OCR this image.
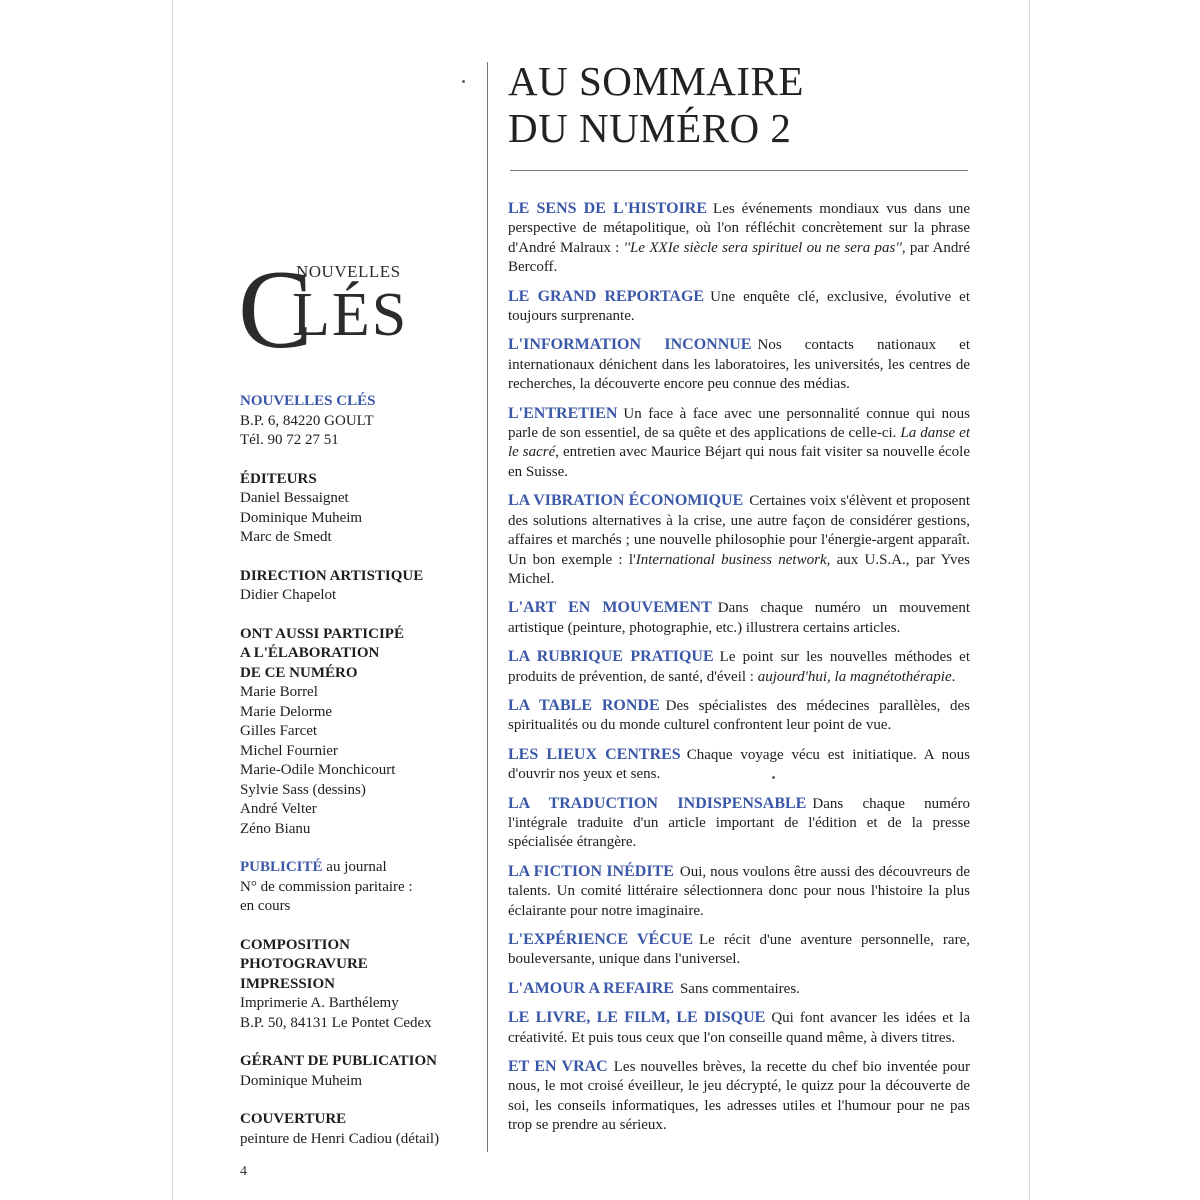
AU SOMMAIRE
DU NUMÉRO 2
NOUVELLES
C
LÉS
NOUVELLES CLÉS
B.P. 6, 84220 GOULT
Tél. 90 72 27 51
ÉDITEURS
Daniel Bessaignet
Dominique Muheim
Marc de Smedt
DIRECTION ARTISTIQUE
Didier Chapelot
ONT AUSSI PARTICIPÉ
A L'ÉLABORATION
DE CE NUMÉRO
Marie Borrel
Marie Delorme
Gilles Farcet
Michel Fournier
Marie-Odile Monchicourt
Sylvie Sass (dessins)
André Velter
Zéno Bianu
PUBLICITÉ au journal
N° de commission paritaire :
en cours
COMPOSITION
PHOTOGRAVURE
IMPRESSION
Imprimerie A. Barthélemy
B.P. 50, 84131 Le Pontet Cedex
GÉRANT DE PUBLICATION
Dominique Muheim
COUVERTURE
peinture de Henri Cadiou (détail)

LE SENS DE L'HISTOIRE Les événements mondiaux vus dans une perspective de métapolitique, où l'on réfléchit concrètement sur la phrase d'André Malraux : ''Le XXIe siècle sera spirituel ou ne sera pas'', par André Bercoff.

LE GRAND REPORTAGE Une enquête clé, exclusive, évolutive et toujours surprenante.

L'INFORMATION INCONNUE Nos contacts nationaux et internationaux dénichent dans les laboratoires, les universités, les centres de recherches, la découverte encore peu connue des médias.

L'ENTRETIEN Un face à face avec une personnalité connue qui nous parle de son essentiel, de sa quête et des applications de celle-ci. La danse et le sacré, entretien avec Maurice Béjart qui nous fait visiter sa nouvelle école en Suisse.

LA VIBRATION ÉCONOMIQUE Certaines voix s'élèvent et proposent des solutions alternatives à la crise, une autre façon de considérer gestions, affaires et marchés ; une nouvelle philosophie pour l'énergie-argent apparaît. Un bon exemple : l'International business network, aux U.S.A., par Yves Michel.

L'ART EN MOUVEMENT Dans chaque numéro un mouvement artistique (peinture, photographie, etc.) illustrera certains articles.

LA RUBRIQUE PRATIQUE Le point sur les nouvelles méthodes et produits de prévention, de santé, d'éveil : aujourd'hui, la magnétothérapie.

LA TABLE RONDE Des spécialistes des médecines parallèles, des spiritualités ou du monde culturel confrontent leur point de vue.

LES LIEUX CENTRES Chaque voyage vécu est initiatique. A nous d'ouvrir nos yeux et sens.

LA TRADUCTION INDISPENSABLE Dans chaque numéro l'intégrale traduite d'un article important de l'édition et de la presse spécialisée étrangère.

LA FICTION INÉDITE Oui, nous voulons être aussi des découvreurs de talents. Un comité littéraire sélectionnera donc pour nous l'histoire la plus éclairante pour notre imaginaire.

L'EXPÉRIENCE VÉCUE Le récit d'une aventure personnelle, rare, bouleversante, unique dans l'universel.

L'AMOUR A REFAIRE Sans commentaires.

LE LIVRE, LE FILM, LE DISQUE Qui font avancer les idées et la créativité. Et puis tous ceux que l'on conseille quand même, à divers titres.

ET EN VRAC Les nouvelles brèves, la recette du chef bio inventée pour nous, le mot croisé éveilleur, le jeu décrypté, le quizz pour la découverte de soi, les conseils informatiques, les adresses utiles et l'humour pour ne pas trop se prendre au sérieux.

4
